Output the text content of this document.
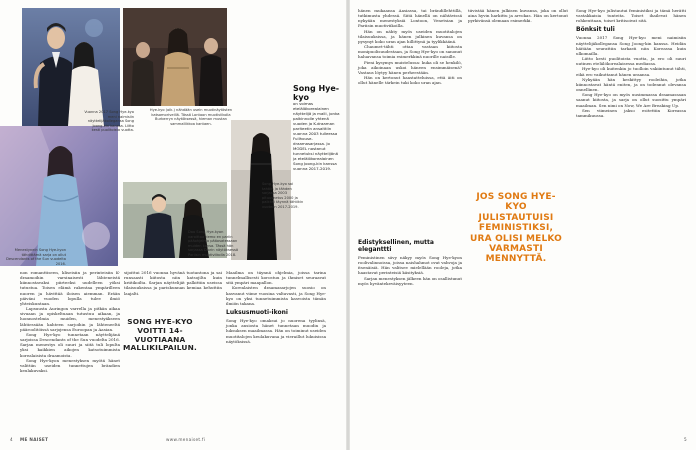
Vuonna 2017 Song Hye-kyo meni naimisiin näyttelijäkollegansa Song Joong-kin kanssa. Liitto kesti puolitoista vuotta.
Hye-kyo (oik.) nähdään usein muotinäytösten katsomoriveillä. Tässä Lontoon muotiviikolla Burberryn näytöksessä, hieman mustan sammallikkoa kantaen.
Menestynein Song Hye-kyon tähdittämä sarja on ollut Descendants of the Sun vuodelta 2016.
Dao Song Hye-kyon varoittaa demo en pariin pääohjelma pääosatessaan muiden kansa. Tässä hän sarjassa Diorin näytöksessä Pariisin muotiviikolla 2018.
Song Hye-kyo sai tahtiin ja tähden sarjassa 2003 pituusnetus 2000 ja palkitsi täynnä tähtikin vuoteen 2017-2019.
Song Hye-kyo
on voimas etelälökorealainen näyttelijä ja malli, jonka palkinnolle yhtenä vuoden ja K-draaman pariteetin ansaittiin vuonna 2003 tulleessa Fullhouse- draamasarjassa. Jo MODEL nostanut tunnetuksi näyttelijänä ja etelälökorealainen Song Joong-kin kanssa vuonna 2017-2019.

non romanttiseen, kliseisiin ja perinteisiin K-draamoihin varsinaisesti lähteneistä kiinnostavaksi piirteeksi uudelleen yöksi tutustua. Toisen elämä rakentaa ympärilleen nuoren ja hävittää iloisen aiemman. Erään päiväni vuoden lopulla tulee ilmiö yhteiskuntaan.

Lapsuusta Auringon varrella ja pitkän aikaa sivuaan ja opiskeltuaan tutustuu aikaan, ja luonnostelmia muiden, menestyäkseen lähtiessään kahteen sarjoihin ja lähteneeltä pääroolitöissä sarjojensa Euroopan ja Aasian.

Song Hye-kyo tunnetaan näyttelijänä sarjoissa Descendants of the Sun vuodelta 2016. Sarjan menestys oli suuri ja siitä tuli lopulta yksi kaikkien aikojen katsotuimmista korealaisista draamoista.

Song Hye-kyon menestyksen myötä hänet valittiin useiden tunnettujen brändien keulakuvaksi.

SONG HYE-KYO VOITTI 14-VUOTIAANA MALLIKILPAILUN.

sijoittui 2016 vuonna hyvänä tuotantona ja sai runsaasti kiitosta niin katsojilta kuin kriitikoilta. Sarjan näyttelijät palkittiin useissa tilaisuuksissa ja pariskunnan kemiaa kehuttiin laajalti.

Maailma on täynnä ohjelmia, joissa tarina tunnelmallisesti korostuu ja ihmiset seuraavat sitä ympäri maapallon.

Korealaisten draamasarjojen suosio on kasvanut viime vuosina valtavasti, ja Song Hye-kyo on yksi tunnetuimmista kasvoista tämän ilmiön takana.

Luksusmuoti-ikoni

Song Hye-kyo omaksui jo nuorena tyylinsä, jonka ansiosta hänet tunnetaan muodin ja luksuksen maailmassa. Hän on toiminut useiden muotitalojen keulakuvana ja vieraillut lukuisissa näytöksissä.

4 ME NAISET	www.menaiset.fi

hänen mukaansa Aasiassa, tai brändillehttillä, tutkimusta yhdessä. Siitä hänellä on nähtävissä nykyään menestyksiä Lontoon, Venetsian ja Pariisin muotiviikoilla.

Hän on nähty myös useiden muotitalojen tilaisuuksissa, ja hänen julkinen kuvansa on pysynyt koko uran ajan hillittynä ja tyylikkäänä.

Chaumet-tähti ottaa vastaan kiitosta monipuolisuudestaan, ja Song Hye-kyo on sanonut haluavansa toimia esimerkkinä nuorille naisille.

Pieni kysymys muistelussa: kuka oli se henkilö, joka aikoinaan uskoi häneen ensimmäisenä? Vastaus löytyy hänen perheestään.

Hän on kertonut haastatteluissa, että äiti on ollut hänelle tärkein tuki koko uran ajan.

Edistyksellinen, mutta eleganttti

Feministinen sävy näkyy myös Song Hye-kyon roolivalinnoissa, joissa naishahmot ovat vahvoja ja itsenäisiä. Hän valitsee mielellään rooleja, jotka haastavat perinteisiä käsityksiä.

Sarjan menestyksen jälkeen hän on osallistunut myös hyväntekeväisyyteen.

JOS SONG HYE-KYO JULISTAUTUISI FEMINISTIKSI, URA OLISI MELKO VARMASTI MENNYTTÄ.

tiivistää hänen julkisen kuvansa, joka on ollut aina hyvin harkittu ja arvokas. Hän on kertonut pyrkivänsä olemaan esimerkki.

Song Hye-kyo julistautui feministiksi ja tämä herätti vastakkaisia tunteita. Toiset ihailevat hänen rohkeuttaan, toiset kritisoivat sitä.

Bönksit tuli

Vuonna 2017 Song Hye-kyo meni naimisiin näyttelijäkollegansa Song Joong-kin kanssa. Heidän häitään seurattiin tarkasti niin Koreassa kuin ulkomailla.

Liitto kesti puolitoista vuotta, ja ero oli suuri uutinen etelälökorealaisessa mediassa.

Hye-kyo oli kuitenkin jo tuolloin vakiintunut tähti, eikä ero vaikuttanut hänen uraansa.

Nykyään hän keskittyy rooleihin, jotka kiinnostavat häntä eniten, ja on todennut olevansa onnellinen.

Song Hye-kyo on myös uusimmassa draamassaan saanut kiitosta, ja sarja on ollut suosittu ympäri maailman. Sen nimi on Now, We Are Breaking Up.

Sen viimeinen jakso esitettiin Koreassa tammikuussa.

5
